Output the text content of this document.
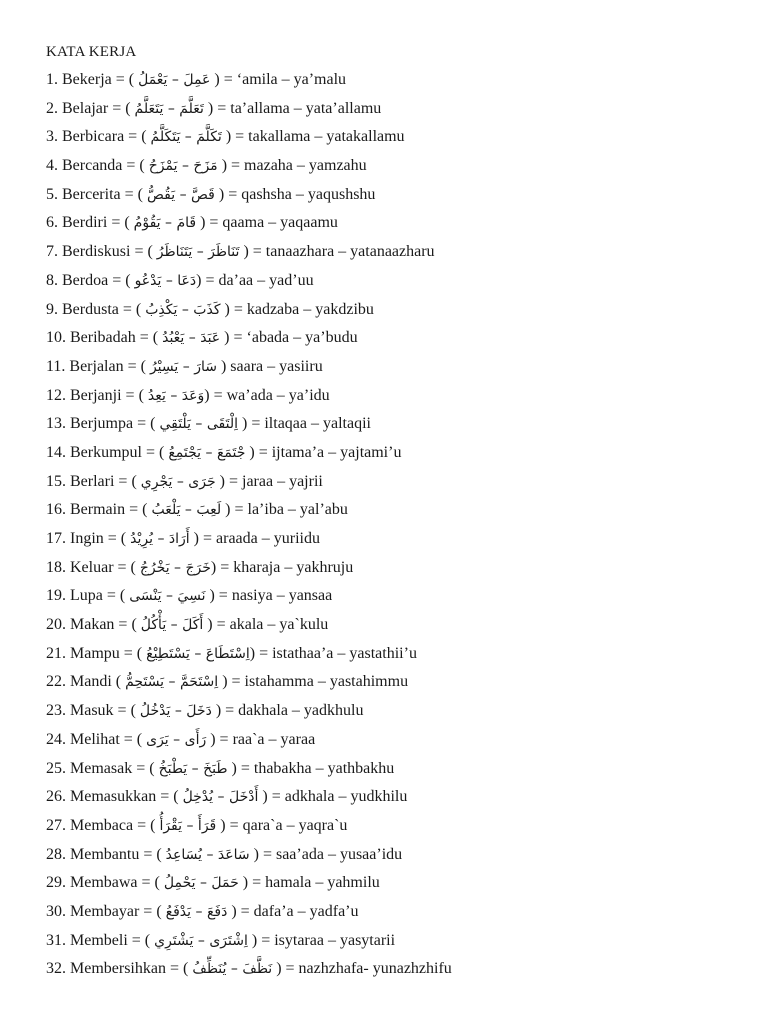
KATA KERJA
1. Bekerja = ( عَمِلَ – يَعْمَلُ ) = ‘amila – ya’malu
2. Belajar = ( تَعَلَّمَ – يَتَعَلَّمُ ) = ta’allama – yata’allamu
3. Berbicara = ( تَكَلَّمَ – يَتَكَلَّمُ ) = takallama – yatakallamu
4. Bercanda = ( مَزَحَ – يَمْزَحُ ) = mazaha – yamzahu
5. Bercerita = ( قَصَّ – يَقُصُّ ) = qashsha – yaqushshu
6. Berdiri = ( قَامَ – يَقُوْمُ ) = qaama – yaqaamu
7. Berdiskusi = ( تَنَاظَرَ – يَتَنَاظَرُ ) = tanaazhara – yatanaazharu
8. Berdoa = ( دَعَا – يَدْعُو) = da’aa – yad’uu
9. Berdusta = ( كَذَبَ – يَكْذِبُ ) = kadzaba – yakdzibu
10. Beribadah = ( عَبَدَ – يَعْبُدُ ) = ‘abada – ya’budu
11. Berjalan = ( سَارَ – يَسِيْرُ ) saara – yasiiru
12. Berjanji = ( وَعَدَ – يَعِدُ) = wa’ada – ya’idu
13. Berjumpa = ( اِلْتَقَى – يَلْتَقِي ) = iltaqaa – yaltaqii
14. Berkumpul = ( جْتَمَعَ – يَجْتَمِعُ ) = ijtama’a – yajtami’u
15. Berlari = ( جَرَى – يَجْرِي ) = jaraa – yajrii
16. Bermain = ( لَعِبَ – يَلْعَبُ ) = la’iba – yal’abu
17. Ingin = ( أَرَادَ – يُرِيْدُ ) = araada – yuriidu
18. Keluar = ( خَرَجَ – يَخْرُجُ) = kharaja – yakhruju
19. Lupa = ( نَسِيَ – يَنْسَى ) = nasiya – yansaa
20. Makan = ( أَكَلَ – يَأْكُلُ ) = akala – ya`kulu
21. Mampu = ( اِسْتَطَاعَ – يَسْتَطِيْعُ) = istathaa’a – yastathii’u
22. Mandi ( اِسْتَحَمَّ – يَسْتَحِمُّ ) = istahamma – yastahimmu
23. Masuk = ( دَخَلَ – يَدْخُلُ ) = dakhala – yadkhulu
24. Melihat = ( رَأَى – يَرَى ) = raa`a – yaraa
25. Memasak = ( طَبَخَ – يَطْبَخُ ) = thabakha – yathbakhu
26. Memasukkan = ( أَدْخَلَ – يُدْخِلُ ) = adkhala – yudkhilu
27. Membaca = ( قَرَأَ – يَقْرَأُ ) = qara`a – yaqra`u
28. Membantu = ( سَاعَدَ – يُسَاعِدُ ) = saa’ada – yusaa’idu
29. Membawa = ( حَمَلَ – يَحْمِلُ ) = hamala – yahmilu
30. Membayar = ( دَفَعَ – يَدْفَعُ ) = dafa’a – yadfa’u
31. Membeli = ( اِشْتَرَى – يَشْتَرِي ) = isytaraa – yasytarii
32. Membersihkan = ( نَظَّفَ – يُنَظِّفُ ) = nazhzhafa- yunazhzhifu
